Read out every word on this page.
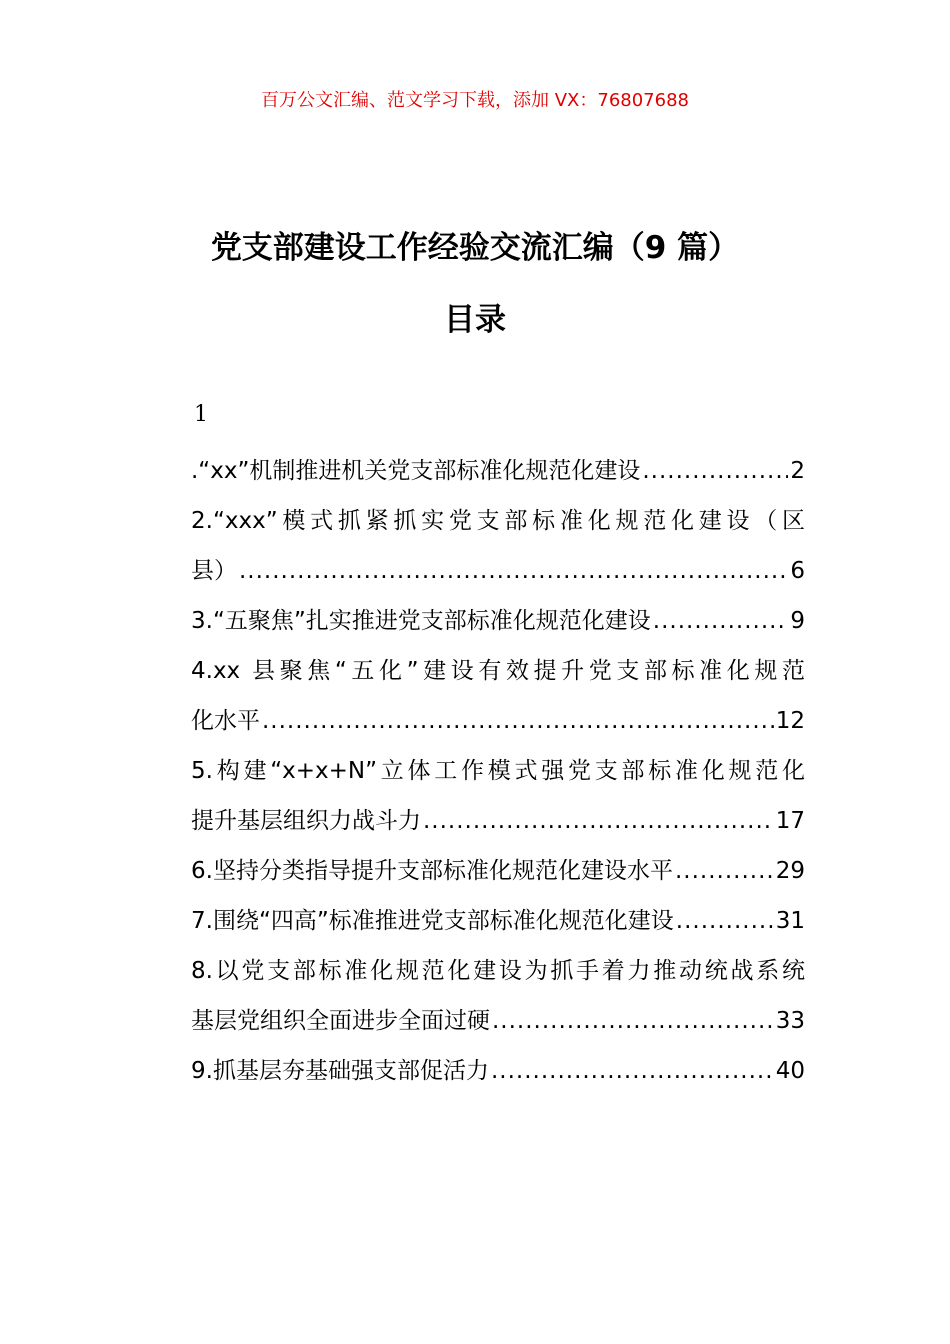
百万公文汇编、范文学习下载，添加 VX：76807688
党支部建设工作经验交流汇编（9 篇）
目录
1
.“xx”机制推进机关党支部标准化规范化建设 .....	2
2.“xxx”模式抓紧抓实党支部标准化规范化建设（区
县） .....	6
3.“五聚焦”扎实推进党支部标准化规范化建设 .....	9
4.xx 县聚焦“五化”建设有效提升党支部标准化规范
化水平 .....	12
5.构建“x+x+N”立体工作模式强党支部标准化规范化
提升基层组织力战斗力 .....	17
6.坚持分类指导提升支部标准化规范化建设水平 .....	29
7.围绕“四高”标准推进党支部标准化规范化建设 .....	31
8.以党支部标准化规范化建设为抓手着力推动统战系统
基层党组织全面进步全面过硬 .....	33
9.抓基层夯基础强支部促活力 .....	40
